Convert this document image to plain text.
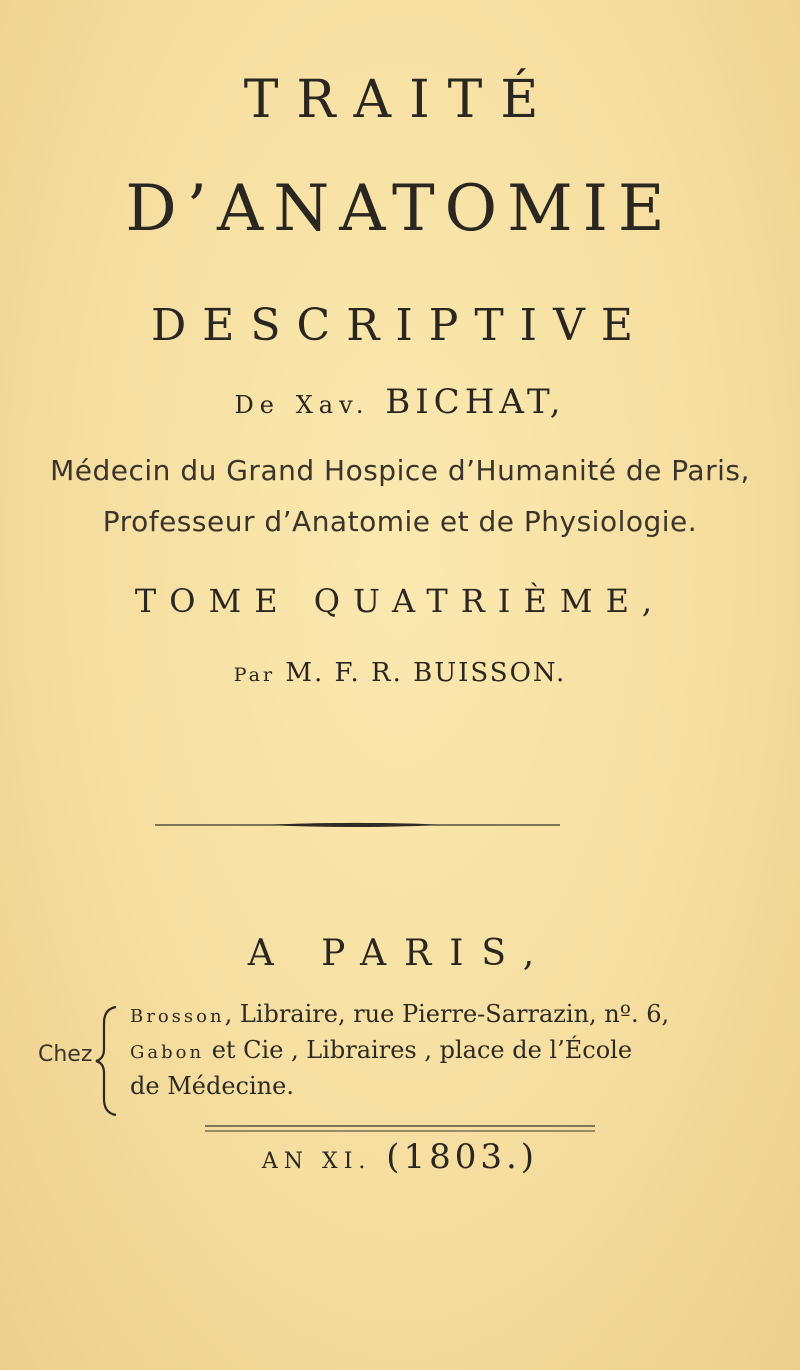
TRAITÉ
D’ANATOMIE
DESCRIPTIVE
De Xav. BICHAT,
Médecin du Grand Hospice d’Humanité de Paris,
Professeur d’Anatomie et de Physiologie.
TOME QUATRIÈME,
Par M. F. R. BUISSON.
A PARIS,
Chez
Brosson, Libraire, rue Pierre-Sarrazin, nº. 6,
Gabon et Cie , Libraires , place de l’École
de Médecine.
AN XI. (1803.)
